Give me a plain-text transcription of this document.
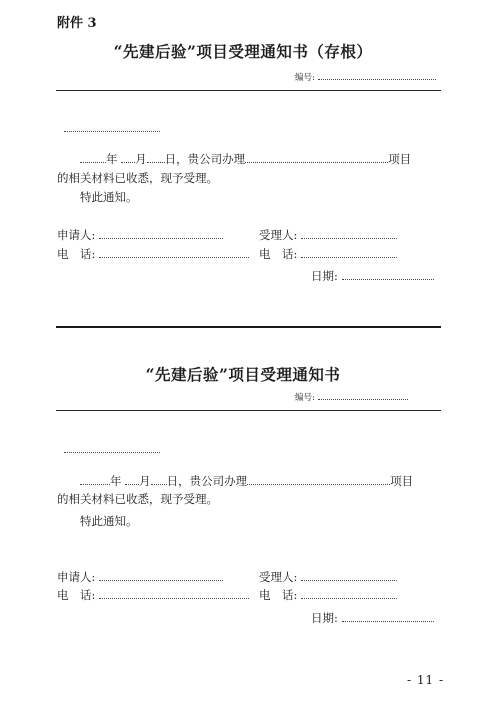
附件 3
“先建后验”项目受理通知书（存根）
编号:
年 月 日，贵公司办理	项目
的相关材料已收悉，现予受理。
特此通知。
申请人:	受理人:
电　话:	电　话:
日期:
“先建后验”项目受理通知书
编号:
年 月 日，贵公司办理	项目
的相关材料已收悉，现予受理。
特此通知。
申请人:	受理人:
电　话:	电　话:
日期:
- 11 -
